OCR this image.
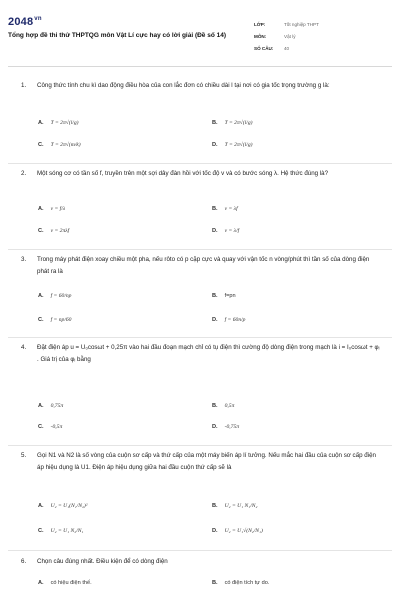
$2048^{vn}$
Tổng hợp đề thi thử THPTQG môn Vật Lí cực hay có lời giải (Đề số 14)
LỚP:	Tốt nghiệp THPT
MÔN:	Vật lý
SỐ CÂU:	40
1. Công thức tính chu kì dao động điều hòa của con lắc đơn có chiều dài l tại nơi có gia tốc trọng trường g là:
A. T = 2π√(l/g)	B. T = 2π√(l/g)
C. T = 2π√(m/k)	D. T = 2π√(l/g)
2. Một sóng cơ có tần số f, truyền trên một sợi dây đàn hồi với tốc độ v và có bước sóng λ. Hệ thức đúng là?
A. v = f/λ	B. v = λf
C. v = 2πλf	D. v = λ/f
3. Trong máy phát điện xoay chiều một pha, nếu rôto có p cặp cực và quay với vận tốc n vòng/phút thì tần số của dòng điện phát ra là
A. f = 60/np	B. f=pn
C. f = np/60	D. f = 60n/p
4. Đặt điện áp u = U₀cosωt + 0,25π vào hai đầu đoạn mạch chỉ có tụ điện thì cường độ dòng điện trong mạch là i = I₀cosωt + φᵢ . Giá trị của φᵢ bằng
A. 0,75π	B. 0,5π
C. -0,5π	D. -0,75π
5. Gọi N1 và N2 là số vòng của cuộn sơ cấp và thứ cấp của một máy biến áp lí tưởng. Nếu mắc hai đầu của cuộn sơ cấp điện áp hiệu dụng là U1. Điện áp hiệu dụng giữa hai đầu cuộn thứ cấp sẽ là
A. U₂ = U₁(N₁/N₂)²	B. U₂ = U₁ N₁/N₂
C. U₂ = U₁ N₂/N₁	D. U₂ = U₁√(N₂/N₁)
6. Chọn câu đúng nhất. Điều kiện để có dòng điện
A. có hiệu điện thế.	B. có điện tích tự do.
